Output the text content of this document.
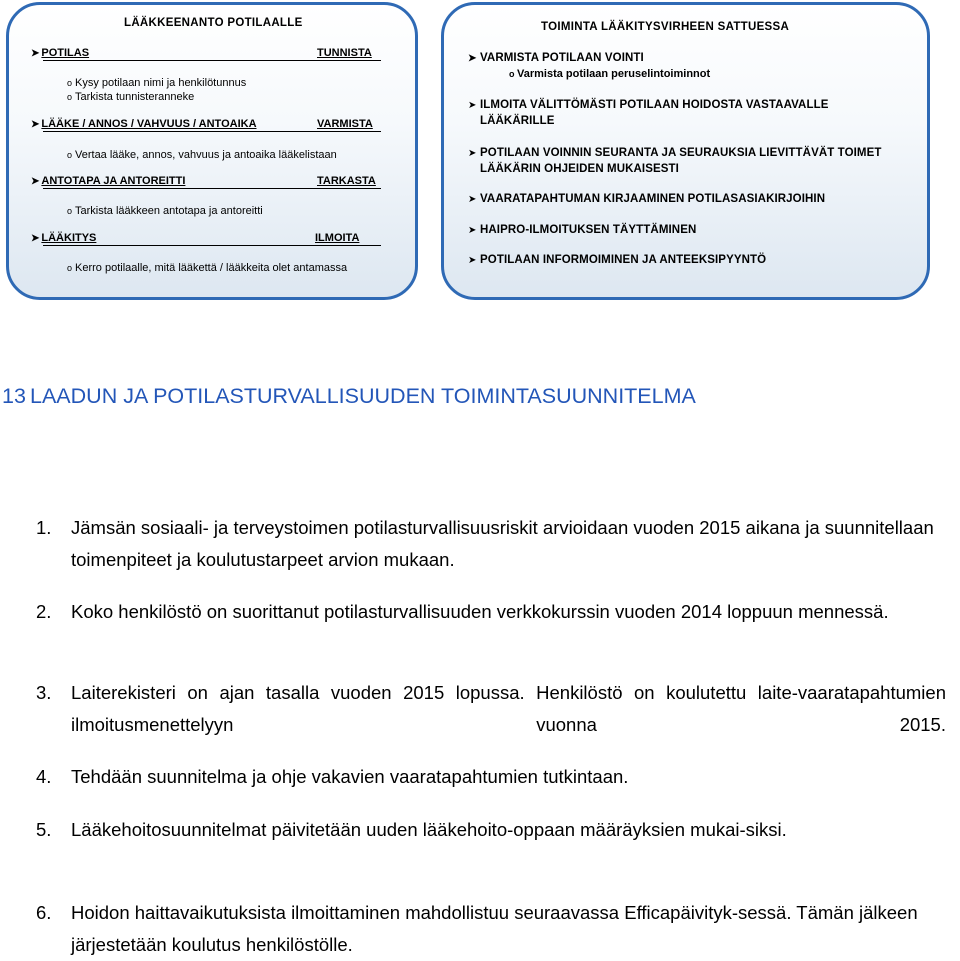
LÄÄKKEENANTO POTILAALLE
➤ POTILAS	TUNNISTA
o Kysy potilaan nimi ja henkilötunnus
o Tarkista tunnisteranneke
➤ LÄÄKE / ANNOS / VAHVUUS / ANTOAIKA	VARMISTA
o Vertaa lääke, annos, vahvuus ja antoaika lääkelistaan
➤ ANTOTAPA JA ANTOREITTI	TARKASTA
o Tarkista lääkkeen antotapa ja antoreitti
➤ LÄÄKITYS	ILMOITA
o Kerro potilaalle, mitä lääkettä / lääkkeita olet antamassa
TOIMINTA LÄÄKITYSVIRHEEN SATTUESSA
➤ VARMISTA POTILAAN VOINTI
o Varmista potilaan peruselintoiminnot
ILMOITA VÄLITTÖMÄSTI POTILAAN HOIDOSTA VASTAAVALLE LÄÄKÄRILLE
POTILAAN VOINNIN SEURANTA JA SEURAUKSIA LIEVITTÄVÄT TOIMET LÄÄKÄRIN OHJEIDEN MUKAISESTI
VAARATAPAHTUMAN KIRJAAMINEN POTILASASIAKIRJOIHIN
HAIPRO-ILMOITUKSEN TÄYTTÄMINEN
POTILAAN INFORMOIMINEN JA ANTEEKSIPYYNTÖ
➤
➤
➤
➤
➤
13 LAADUN JA POTILASTURVALLISUUDEN TOIMINTASUUNNITELMA
1. Jämsän sosiaali- ja terveystoimen potilasturvallisuusriskit arvioidaan vuoden 2015 aikana ja suunnitellaan toimenpiteet ja koulutustarpeet arvion mukaan.
2. Koko henkilöstö on suorittanut potilasturvallisuuden verkkokurssin vuoden 2014 loppuun mennessä.
3. Laiterekisteri on ajan tasalla vuoden 2015 lopussa. Henkilöstö on koulutettu laite-vaaratapahtumien ilmoitusmenettelyyn vuonna 2015.
4. Tehdään suunnitelma ja ohje vakavien vaaratapahtumien tutkintaan.
5. Lääkehoitosuunnitelmat päivitetään uuden lääkehoito-oppaan määräyksien mukai-siksi.
6. Hoidon haittavaikutuksista ilmoittaminen mahdollistuu seuraavassa Efficapäivityk-sessä. Tämän jälkeen järjestetään koulutus henkilöstölle.
